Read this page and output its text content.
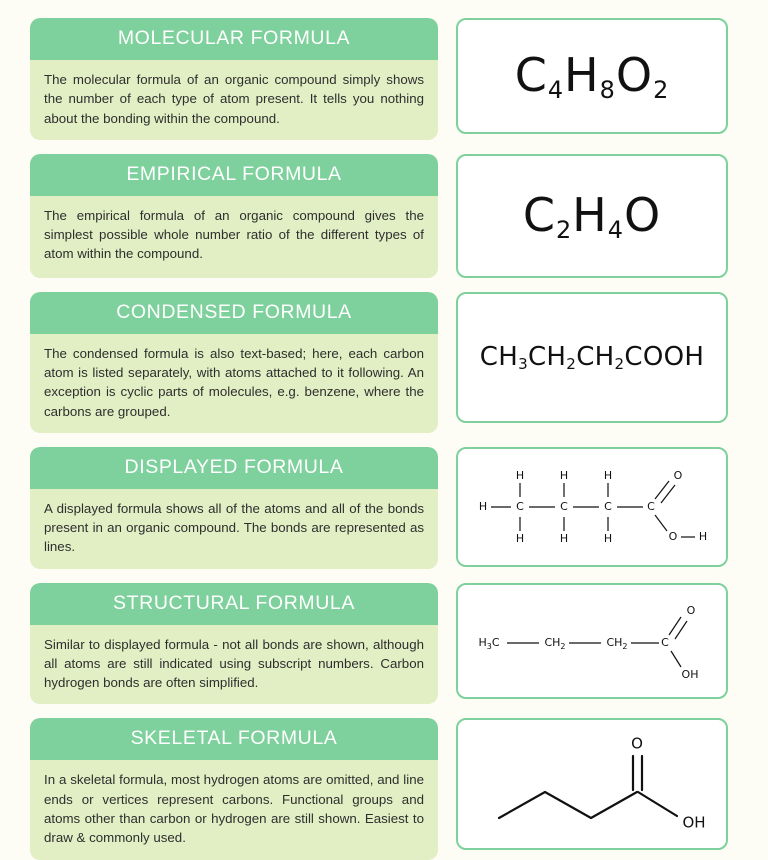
MOLECULAR FORMULA
The molecular formula of an organic compound simply shows the number of each type of atom present. It tells you nothing about the bonding within the compound.
$C_4H_8O_2$
EMPIRICAL FORMULA
The empirical formula of an organic compound gives the simplest possible whole number ratio of the different types of atom within the compound.
$C_2H_4O$
CONDENSED FORMULA
The condensed formula is also text-based; here, each carbon atom is listed separately, with atoms attached to it following. An exception is cyclic parts of molecules, e.g. benzene, where the carbons are grouped.
$CH_3CH_2CH_2COOH$
DISPLAYED FORMULA
A displayed formula shows all of the atoms and all of the bonds present in an organic compound. The bonds are represented as lines.
H	C	C	C	C
H	H	H
H	H	H
O
O H
STRUCTURAL FORMULA
Similar to displayed formula - not all bonds are shown, although all atoms are still indicated using subscript numbers. Carbon hydrogen bonds are often simplified.
$H_3C$	$CH_2$	$CH_2$	C
O
OH
SKELETAL FORMULA
In a skeletal formula, most hydrogen atoms are omitted, and line ends or vertices represent carbons. Functional groups and atoms other than carbon or hydrogen are still shown. Easiest to draw & commonly used.
O
OH
